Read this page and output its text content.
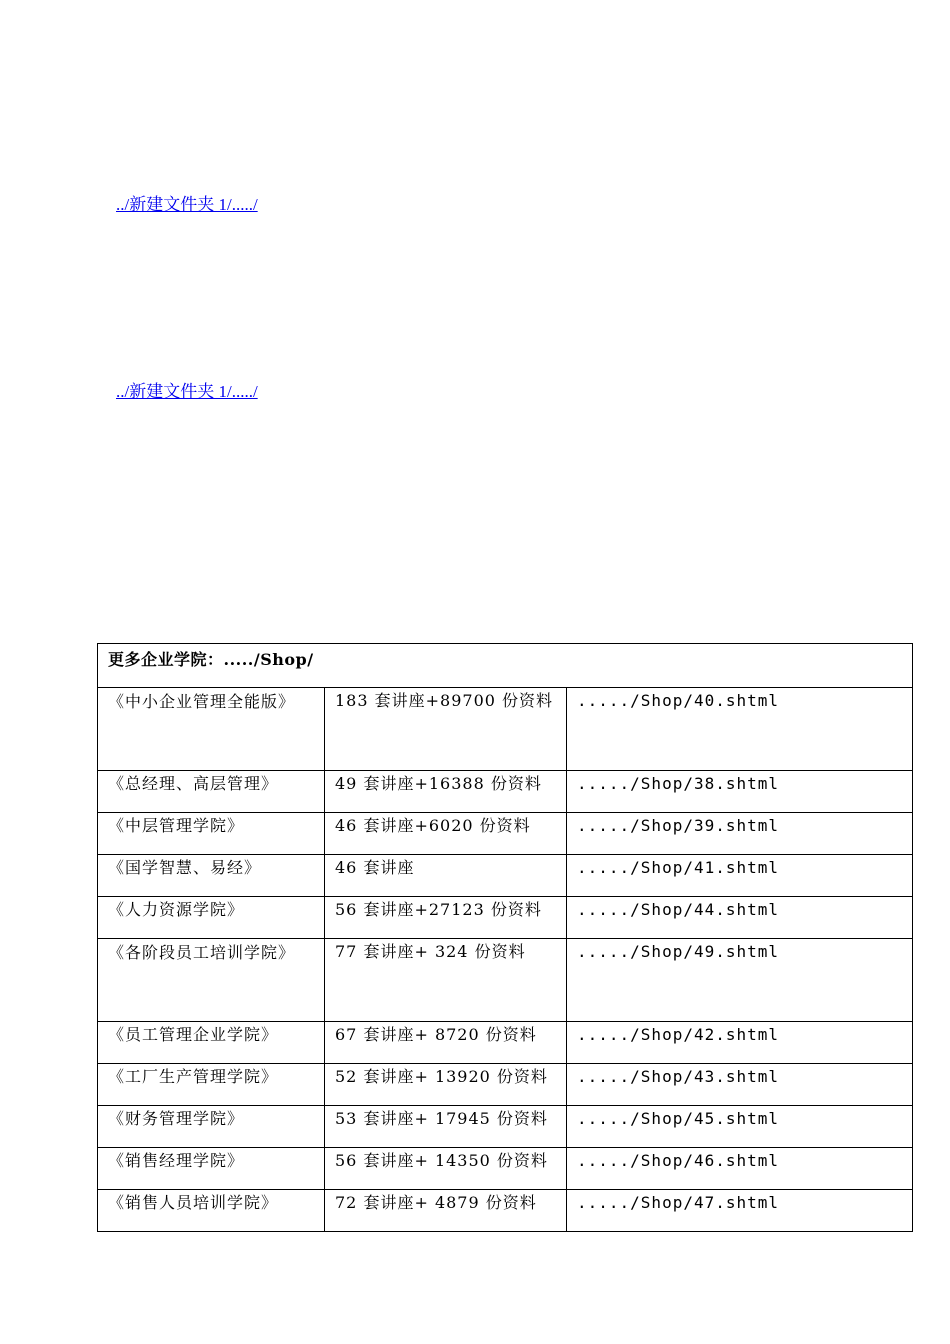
../新建文件夹 1/...../
../新建文件夹 1/...../
更多企业学院：...../Shop/		

《中小企业管理全能版》	183 套讲座+89700 份资料	...../Shop/40.shtml
《总经理、高层管理》	49 套讲座+16388 份资料	...../Shop/38.shtml
《中层管理学院》	46 套讲座+6020 份资料	...../Shop/39.shtml
《国学智慧、易经》	46 套讲座	...../Shop/41.shtml
《人力资源学院》	56 套讲座+27123 份资料	...../Shop/44.shtml

《各阶段员工培训学院》	77 套讲座+ 324 份资料	...../Shop/49.shtml
《员工管理企业学院》	67 套讲座+ 8720 份资料	...../Shop/42.shtml
《工厂生产管理学院》	52 套讲座+ 13920 份资料	...../Shop/43.shtml
《财务管理学院》	53 套讲座+ 17945 份资料	...../Shop/45.shtml
《销售经理学院》	56 套讲座+ 14350 份资料	...../Shop/46.shtml
《销售人员培训学院》	72 套讲座+ 4879 份资料	...../Shop/47.shtml
